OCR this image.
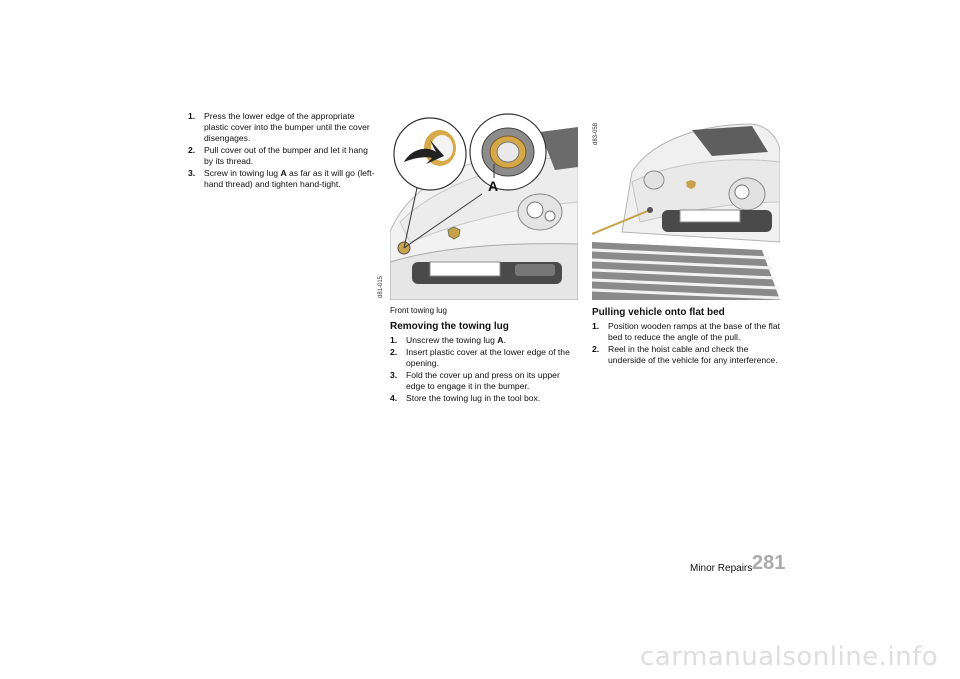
1.	Press the lower edge of the appropriate plastic cover into the bumper until the cover disengages.
2.	Pull cover out of the bumper and let it hang by its thread.
3.	Screw in towing lug A as far as it will go (left-hand thread) and tighten hand-tight.	A
d81-015
Front towing lug
Removing the towing lug
1.	Unscrew the towing lug A.
2.	Insert plastic cover at the lower edge of the opening.
3.	Fold the cover up and press on its upper edge to engage it in the bumper.
4.	Store the towing lug in the tool box.
d83-058
Pulling vehicle onto flat bed
1.	Position wooden ramps at the base of the flat bed to reduce the angle of the pull.
2.	Reel in the hoist cable and check the underside of the vehicle for any interference.
Minor Repairs 281
carmanualsonline.info
